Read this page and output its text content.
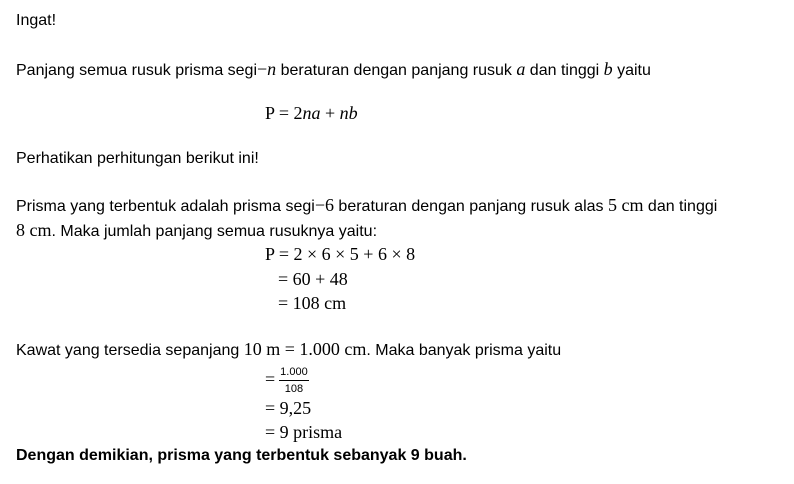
Ingat!
Panjang semua rusuk prisma segi−n beraturan dengan panjang rusuk a dan tinggi b yaitu
P = 2na + nb
Perhatikan perhitungan berikut ini!
Prisma yang terbentuk adalah prisma segi−6 beraturan dengan panjang rusuk alas 5 cm dan tinggi
8 cm. Maka jumlah panjang semua rusuknya yaitu:
P = 2 × 6 × 5 + 6 × 8
= 60 + 48
= 108 cm
Kawat yang tersedia sepanjang 10 m = 1.000 cm. Maka banyak prisma yaitu
= $\frac{1.000}{108}$
= 9,25
= 9 prisma
Dengan demikian, prisma yang terbentuk sebanyak 9 buah.
